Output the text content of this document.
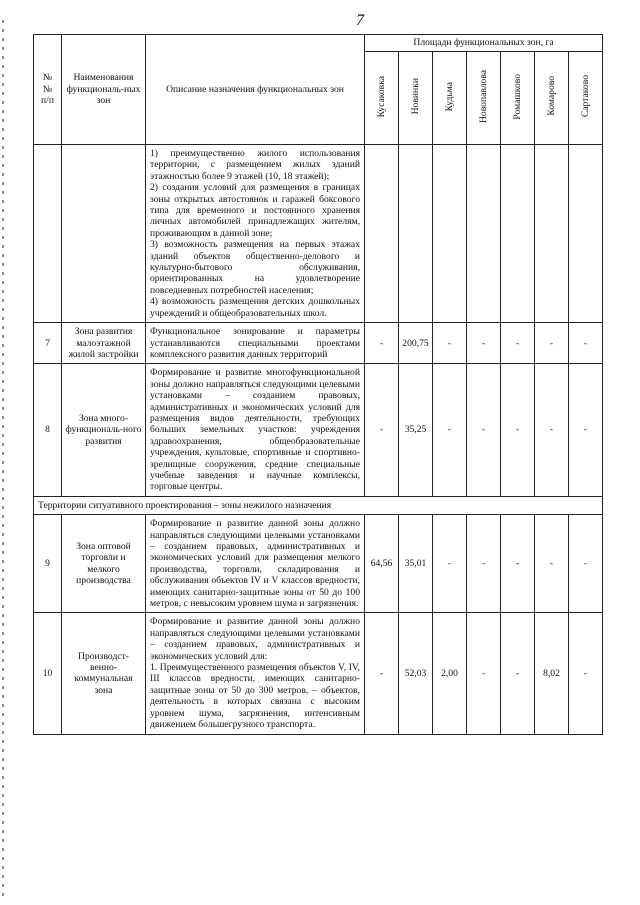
7
№
№
п/п	Наименования функциональ-ных зон	Описание назначения функциональных зон	Площади функциональных зон, га						
			Кусаковка	Новинки	Кудьма	Новопавлова	Ромашково	Комарово	Сартаково
		1) преимущественно жилого использования территории, с размещением жилых зданий этажностью более 9 этажей (10, 18 этажей);
2) создания условий для размещения в границах зоны открытых автостоянок и гаражей боксового типа для временного и постоянного хранения личных автомобилей принадлежащих жителям, проживающим в данной зоне;
3) возможность размещения на первых этажах зданий объектов общественно-делового и культурно-бытового обслуживания, ориентированных на удовлетворение повседневных потребностей населения;
4) возможность размещения детских дошкольных учреждений и общеобразовательных школ.							
7	Зона развития малоэтажной жилой застройки	Функциональное зонирование и параметры устанавливаются специальными проектами комплексного развития данных территорий	-	200,75	-	-	-	-	-
8	Зона много-функциональ-ного развития	Формирование и развитие многофункциональной зоны должно направляться следующими целевыми установками – созданием правовых, административных и экономических условий для размещения видов деятельности, требующих больших земельных участков: учреждения здравоохранения, общеобразовательные учреждения, культовые, спортивные и спортивно-зрелищные сооружения, средние специальные учебные заведения и научные комплексы, торговые центры.	-	35,25	-	-	-	-	-
Территории ситуативного проектирования – зоны нежилого назначения									
9	Зона оптовой торговли и мелкого производства	Формирование и развитие данной зоны должно направляться следующими целевыми установками – созданием правовых, административных и экономических условий для размещения мелкого производства, торговли, складирования и обслуживания объектов IV и V классов вредности, имеющих санитарно-защитные зоны от 50 до 100 метров, с невысоким уровнем шума и загрязнения.	64,56	35,01	-	-	-	-	-
10	Производст-венно-коммунальная зона	Формирование и развитие данной зоны должно направляться следующими целевыми установками – созданием правовых, административных и экономических условий для:
1. Преимущественного размещения объектов V, IV, III классов вредности, имеющих санитарно-защитные зоны от 50 до 300 метров, – объектов, деятельность в которых связана с высоким уровнем шума, загрязнения, интенсивным движением большегрузного транспорта.	-	52,03	2,00	-	-	8,02	-
